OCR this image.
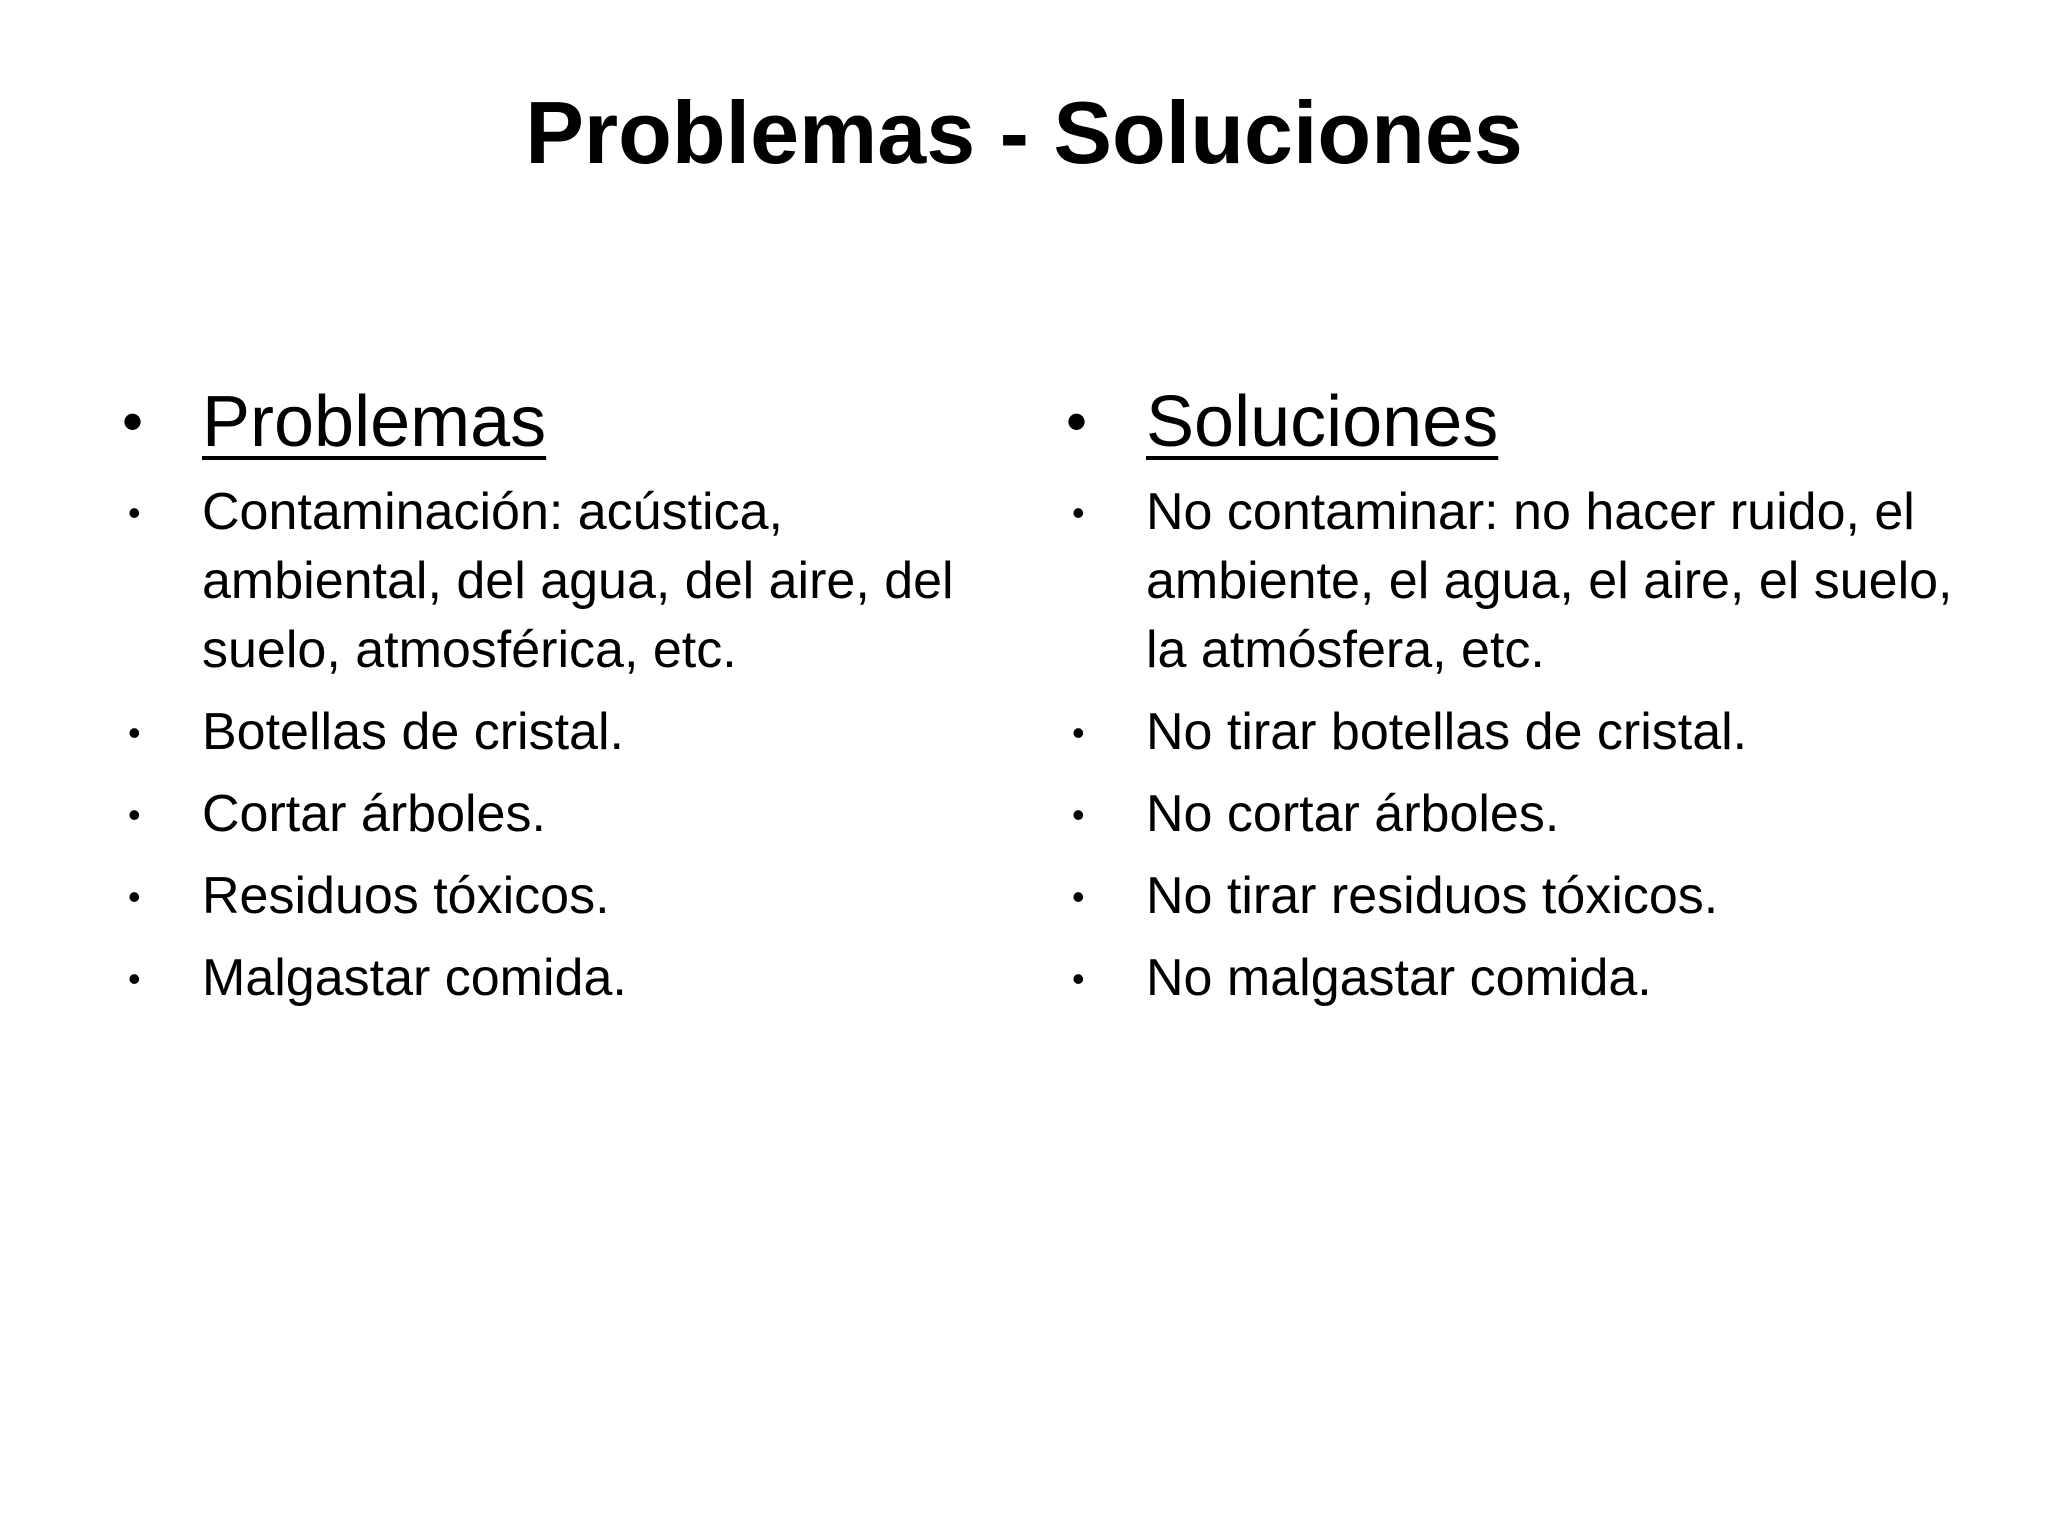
Problemas - Soluciones
• Problemas
• Contaminación: acústica, ambiental, del agua, del aire, del suelo, atmosférica, etc.
• Botellas de cristal.
• Cortar árboles.
• Residuos tóxicos.
• Malgastar comida.
• Soluciones
• No contaminar: no hacer ruido, el ambiente, el agua, el aire, el suelo, la atmósfera, etc.
• No tirar botellas de cristal.
• No cortar árboles.
• No tirar residuos tóxicos.
• No malgastar comida.
